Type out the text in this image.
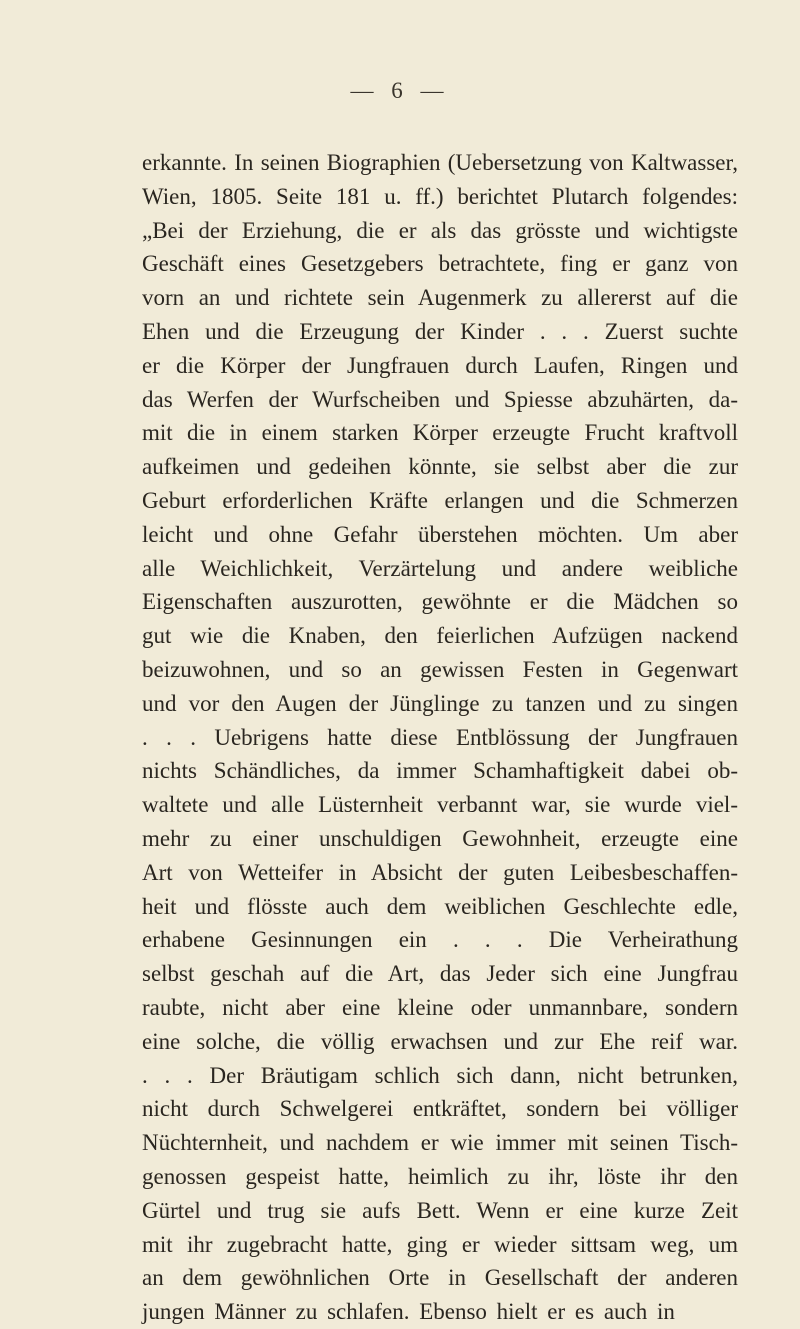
— 6 —
erkannte. In seinen Biographien (Uebersetzung von Kaltwasser,
Wien, 1805. Seite 181 u. ff.) berichtet Plutarch folgendes:
„Bei der Erziehung, die er als das grösste und wichtigste
Geschäft eines Gesetzgebers betrachtete, fing er ganz von
vorn an und richtete sein Augenmerk zu allererst auf die
Ehen und die Erzeugung der Kinder . . . Zuerst suchte
er die Körper der Jungfrauen durch Laufen, Ringen und
das Werfen der Wurfscheiben und Spiesse abzuhärten, da-
mit die in einem starken Körper erzeugte Frucht kraftvoll
aufkeimen und gedeihen könnte, sie selbst aber die zur
Geburt erforderlichen Kräfte erlangen und die Schmerzen
leicht und ohne Gefahr überstehen möchten. Um aber
alle Weichlichkeit, Verzärtelung und andere weibliche
Eigenschaften auszurotten, gewöhnte er die Mädchen so
gut wie die Knaben, den feierlichen Aufzügen nackend
beizuwohnen, und so an gewissen Festen in Gegenwart
und vor den Augen der Jünglinge zu tanzen und zu singen
. . . Uebrigens hatte diese Entblössung der Jungfrauen
nichts Schändliches, da immer Schamhaftigkeit dabei ob-
waltete und alle Lüsternheit verbannt war, sie wurde viel-
mehr zu einer unschuldigen Gewohnheit, erzeugte eine
Art von Wetteifer in Absicht der guten Leibesbeschaffen-
heit und flösste auch dem weiblichen Geschlechte edle,
erhabene Gesinnungen ein . . . Die Verheirathung
selbst geschah auf die Art, das Jeder sich eine Jungfrau
raubte, nicht aber eine kleine oder unmannbare, sondern
eine solche, die völlig erwachsen und zur Ehe reif war.
. . . Der Bräutigam schlich sich dann, nicht betrunken,
nicht durch Schwelgerei entkräftet, sondern bei völliger
Nüchternheit, und nachdem er wie immer mit seinen Tisch-
genossen gespeist hatte, heimlich zu ihr, löste ihr den
Gürtel und trug sie aufs Bett. Wenn er eine kurze Zeit
mit ihr zugebracht hatte, ging er wieder sittsam weg, um
an dem gewöhnlichen Orte in Gesellschaft der anderen
jungen Männer zu schlafen. Ebenso hielt er es auch in
